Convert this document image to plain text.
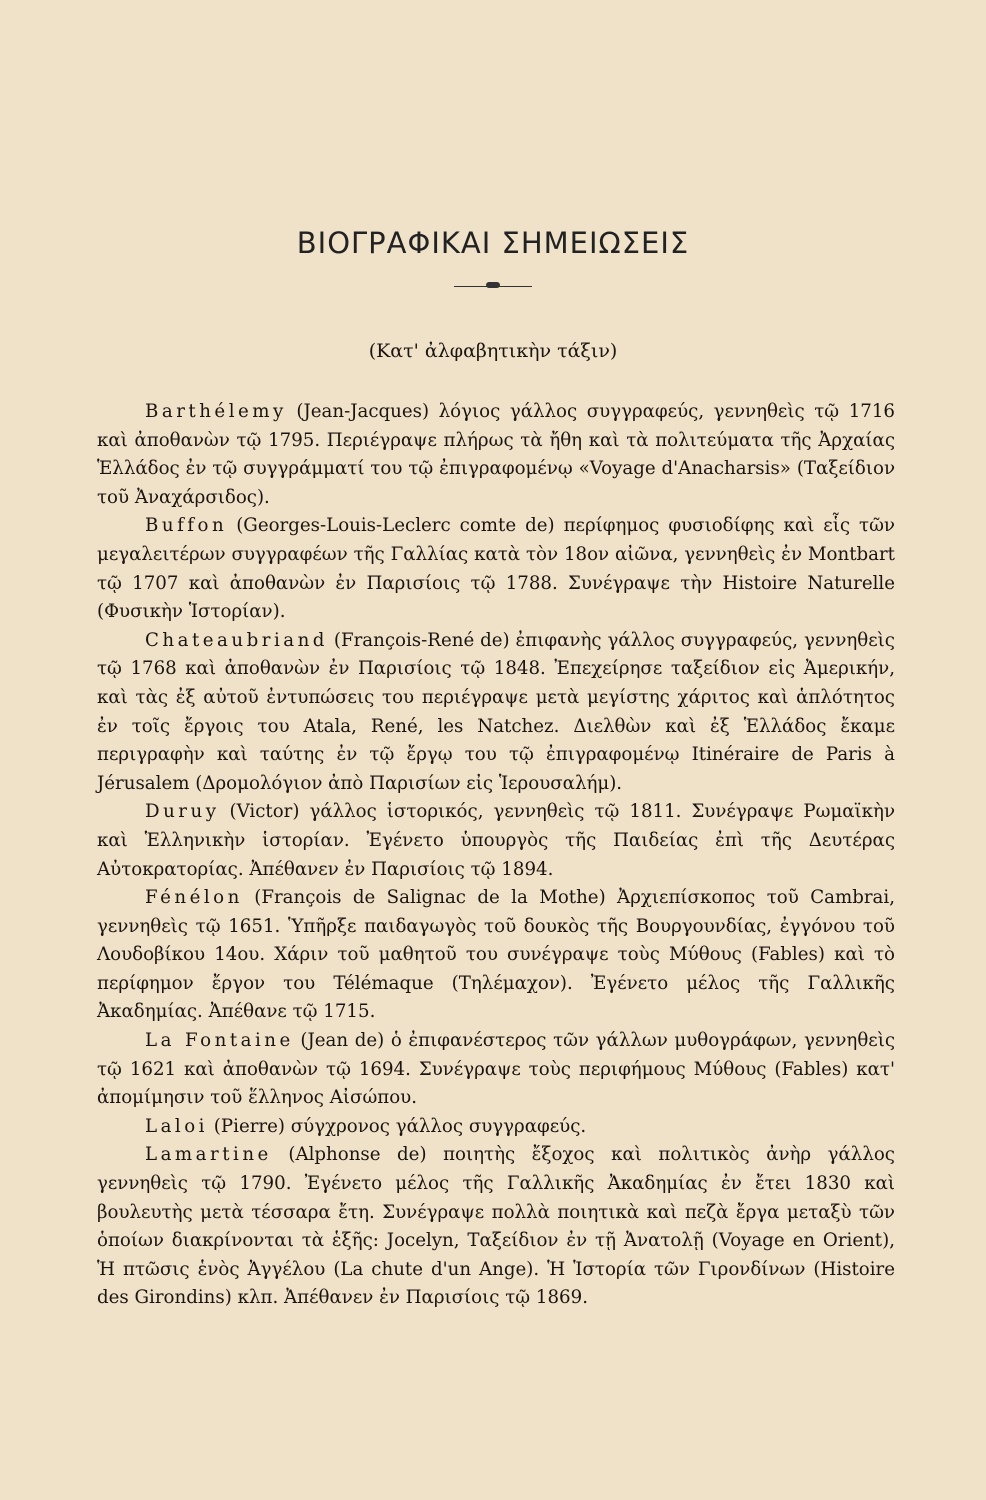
ΒΙΟΓΡΑΦΙΚΑΙ ΣΗΜΕΙΩΣΕΙΣ
(Κατ' ἀλφαβητικὴν τάξιν)

Barthélemy (Jean-Jacques) λόγιος γάλλος συγγραφεύς, γεννηθεὶς τῷ 1716 καὶ ἀποθανὼν τῷ 1795. Περιέγραψε πλήρως τὰ ἤθη καὶ τὰ πολιτεύματα τῆς Ἀρχαίας Ἑλλάδος ἐν τῷ συγγράμματί του τῷ ἐπιγραφομένῳ «Voyage d'Anacharsis» (Ταξείδιον τοῦ Ἀναχάρσιδος).

Buffon (Georges-Louis-Leclerc comte de) περίφημος φυσιοδίφης καὶ εἷς τῶν μεγαλειτέρων συγγραφέων τῆς Γαλλίας κατὰ τὸν 18ον αἰῶνα, γεννηθεὶς ἐν Montbart τῷ 1707 καὶ ἀποθανὼν ἐν Παρισίοις τῷ 1788. Συνέγραψε τὴν Histoire Naturelle (Φυσικὴν Ἱστορίαν).

Chateaubriand (François-René de) ἐπιφανὴς γάλλος συγγραφεύς, γεννηθεὶς τῷ 1768 καὶ ἀποθανὼν ἐν Παρισίοις τῷ 1848. Ἐπεχείρησε ταξείδιον εἰς Ἀμερικήν, καὶ τὰς ἐξ αὐτοῦ ἐντυπώσεις του περιέγραψε μετὰ μεγίστης χάριτος καὶ ἁπλότητος ἐν τοῖς ἔργοις του Atala, René, les Natchez. Διελθὼν καὶ ἐξ Ἑλλάδος ἔκαμε περιγραφὴν καὶ ταύτης ἐν τῷ ἔργῳ του τῷ ἐπιγραφομένῳ Itinéraire de Paris à Jérusalem (Δρομολόγιον ἀπὸ Παρισίων εἰς Ἱερουσαλήμ).

Duruy (Victor) γάλλος ἱστορικός, γεννηθεὶς τῷ 1811. Συνέγραψε Ρωμαϊκὴν καὶ Ἑλληνικὴν ἱστορίαν. Ἐγένετο ὑπουργὸς τῆς Παιδείας ἐπὶ τῆς Δευτέρας Αὐτοκρατορίας. Ἀπέθανεν ἐν Παρισίοις τῷ 1894.

Fénélon (François de Salignac de la Mothe) Ἀρχιεπίσκοπος τοῦ Cambrai, γεννηθεὶς τῷ 1651. Ὑπῆρξε παιδαγωγὸς τοῦ δουκὸς τῆς Βουργουνδίας, ἐγγόνου τοῦ Λουδοβίκου 14ου. Χάριν τοῦ μαθητοῦ του συνέγραψε τοὺς Μύθους (Fables) καὶ τὸ περίφημον ἔργον του Télémaque (Τηλέμαχον). Ἐγένετο μέλος τῆς Γαλλικῆς Ἀκαδημίας. Ἀπέθανε τῷ 1715.

La Fontaine (Jean de) ὁ ἐπιφανέστερος τῶν γάλλων μυθογράφων, γεννηθεὶς τῷ 1621 καὶ ἀποθανὼν τῷ 1694. Συνέγραψε τοὺς περιφήμους Μύθους (Fables) κατ' ἀπομίμησιν τοῦ ἕλληνος Αἰσώπου.

Laloi (Pierre) σύγχρονος γάλλος συγγραφεύς.

Lamartine (Alphonse de) ποιητὴς ἔξοχος καὶ πολιτικὸς ἀνὴρ γάλλος γεννηθεὶς τῷ 1790. Ἐγένετο μέλος τῆς Γαλλικῆς Ἀκαδημίας ἐν ἔτει 1830 καὶ βουλευτὴς μετὰ τέσσαρα ἔτη. Συνέγραψε πολλὰ ποιητικὰ καὶ πεζὰ ἔργα μεταξὺ τῶν ὁποίων διακρίνονται τὰ ἑξῆς: Jocelyn, Ταξείδιον ἐν τῇ Ἀνατολῇ (Voyage en Orient), Ἡ πτῶσις ἑνὸς Ἀγγέλου (La chute d'un Ange). Ἡ Ἱστορία τῶν Γιρονδίνων (Histoire des Girondins) κλπ. Ἀπέθανεν ἐν Παρισίοις τῷ 1869.
